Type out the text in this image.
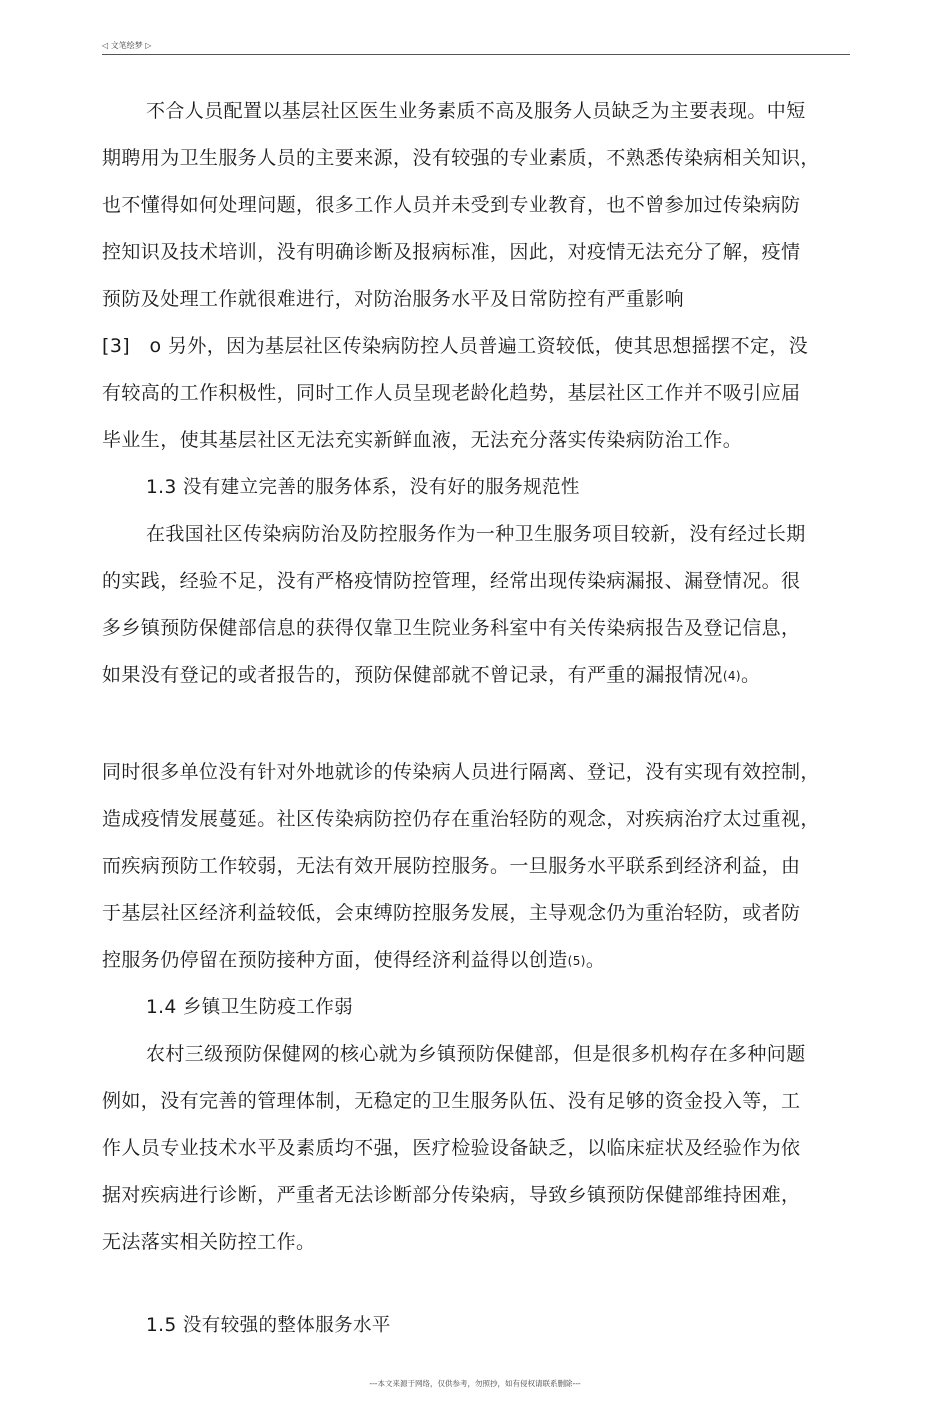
◁ 文笔绘梦 ▷
不合人员配置以基层社区医生业务素质不高及服务人员缺乏为主要表现。中短
期聘用为卫生服务人员的主要来源，没有较强的专业素质，不熟悉传染病相关知识，
也不懂得如何处理问题，很多工作人员并未受到专业教育，也不曾参加过传染病防
控知识及技术培训，没有明确诊断及报病标准，因此，对疫情无法充分了解，疫情
预防及处理工作就很难进行，对防治服务水平及日常防控有严重影响
[3]　o 另外，因为基层社区传染病防控人员普遍工资较低，使其思想摇摆不定，没
有较高的工作积极性，同时工作人员呈现老龄化趋势，基层社区工作并不吸引应届
毕业生，使其基层社区无法充实新鲜血液，无法充分落实传染病防治工作。
1.3 没有建立完善的服务体系，没有好的服务规范性
在我国社区传染病防治及防控服务作为一种卫生服务项目较新，没有经过长期
的实践，经验不足，没有严格疫情防控管理，经常出现传染病漏报、漏登情况。很
多乡镇预防保健部信息的获得仅靠卫生院业务科室中有关传染病报告及登记信息，
如果没有登记的或者报告的，预防保健部就不曾记录，有严重的漏报情况(4)。
同时很多单位没有针对外地就诊的传染病人员进行隔离、登记，没有实现有效控制，
造成疫情发展蔓延。社区传染病防控仍存在重治轻防的观念，对疾病治疗太过重视，
而疾病预防工作较弱，无法有效开展防控服务。一旦服务水平联系到经济利益，由
于基层社区经济利益较低，会束缚防控服务发展，主导观念仍为重治轻防，或者防
控服务仍停留在预防接种方面，使得经济利益得以创造(5)。
1.4 乡镇卫生防疫工作弱
农村三级预防保健网的核心就为乡镇预防保健部，但是很多机构存在多种问题
例如，没有完善的管理体制，无稳定的卫生服务队伍、没有足够的资金投入等，工
作人员专业技术水平及素质均不强，医疗检验设备缺乏，以临床症状及经验作为依
据对疾病进行诊断，严重者无法诊断部分传染病，导致乡镇预防保健部维持困难，
无法落实相关防控工作。
1.5 没有较强的整体服务水平
---本文来源于网络，仅供参考，勿照抄，如有侵权请联系删除---
